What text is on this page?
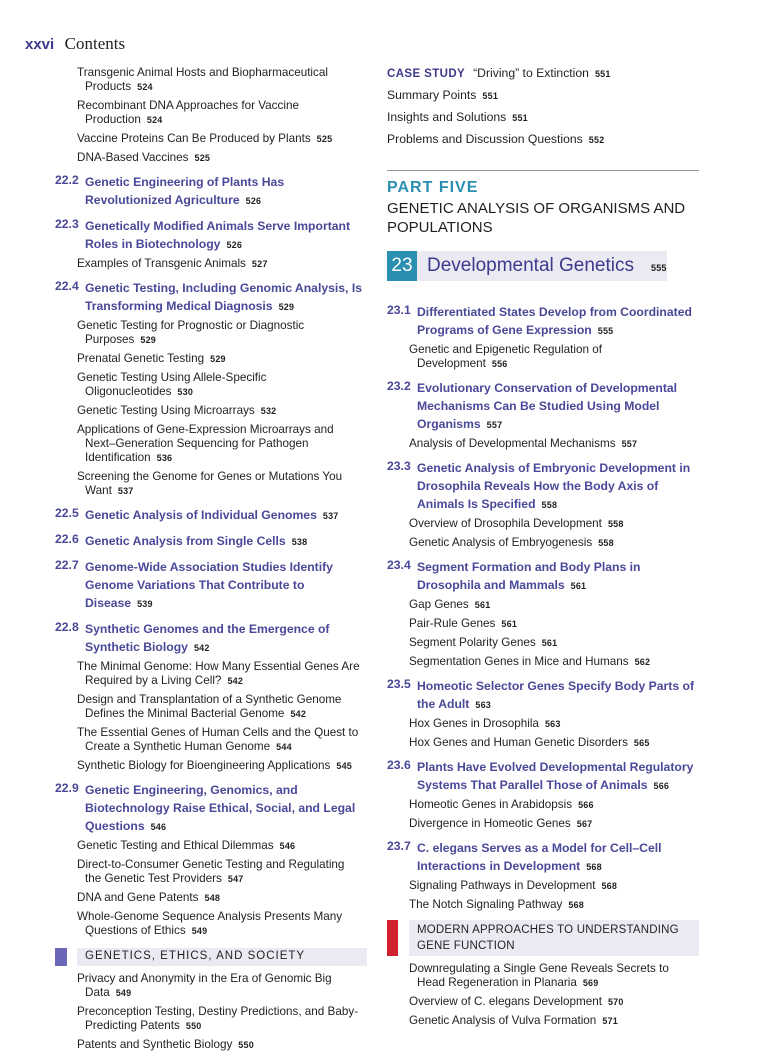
xxvi Contents
Transgenic Animal Hosts and Biopharmaceutical Products 524
Recombinant DNA Approaches for Vaccine Production 524
Vaccine Proteins Can Be Produced by Plants 525
DNA-Based Vaccines 525
22.2 Genetic Engineering of Plants Has Revolutionized Agriculture 526
22.3 Genetically Modified Animals Serve Important Roles in Biotechnology 526
Examples of Transgenic Animals 527
22.4 Genetic Testing, Including Genomic Analysis, Is Transforming Medical Diagnosis 529
Genetic Testing for Prognostic or Diagnostic Purposes 529
Prenatal Genetic Testing 529
Genetic Testing Using Allele-Specific Oligonucleotides 530
Genetic Testing Using Microarrays 532
Applications of Gene-Expression Microarrays and Next–Generation Sequencing for Pathogen Identification 536
Screening the Genome for Genes or Mutations You Want 537
22.5 Genetic Analysis of Individual Genomes 537
22.6 Genetic Analysis from Single Cells 538
22.7 Genome-Wide Association Studies Identify Genome Variations That Contribute to Disease 539
22.8 Synthetic Genomes and the Emergence of Synthetic Biology 542
The Minimal Genome: How Many Essential Genes Are Required by a Living Cell? 542
Design and Transplantation of a Synthetic Genome Defines the Minimal Bacterial Genome 542
The Essential Genes of Human Cells and the Quest to Create a Synthetic Human Genome 544
Synthetic Biology for Bioengineering Applications 545
22.9 Genetic Engineering, Genomics, and Biotechnology Raise Ethical, Social, and Legal Questions 546
Genetic Testing and Ethical Dilemmas 546
Direct-to-Consumer Genetic Testing and Regulating the Genetic Test Providers 547
DNA and Gene Patents 548
Whole-Genome Sequence Analysis Presents Many Questions of Ethics 549
GENETICS, ETHICS, AND SOCIETY
Privacy and Anonymity in the Era of Genomic Big Data 549
Preconception Testing, Destiny Predictions, and Baby-Predicting Patents 550
Patents and Synthetic Biology 550
CASE STUDY “Driving” to Extinction 551
Summary Points 551
Insights and Solutions 551
Problems and Discussion Questions 552
PART FIVE
GENETIC ANALYSIS OF ORGANISMS AND POPULATIONS
23 Developmental Genetics 555
23.1 Differentiated States Develop from Coordinated Programs of Gene Expression 555
Genetic and Epigenetic Regulation of Development 556
23.2 Evolutionary Conservation of Developmental Mechanisms Can Be Studied Using Model Organisms 557
Analysis of Developmental Mechanisms 557
23.3 Genetic Analysis of Embryonic Development in Drosophila Reveals How the Body Axis of Animals Is Specified 558
Overview of Drosophila Development 558
Genetic Analysis of Embryogenesis 558
23.4 Segment Formation and Body Plans in Drosophila and Mammals 561
Gap Genes 561
Pair-Rule Genes 561
Segment Polarity Genes 561
Segmentation Genes in Mice and Humans 562
23.5 Homeotic Selector Genes Specify Body Parts of the Adult 563
Hox Genes in Drosophila 563
Hox Genes and Human Genetic Disorders 565
23.6 Plants Have Evolved Developmental Regulatory Systems That Parallel Those of Animals 566
Homeotic Genes in Arabidopsis 566
Divergence in Homeotic Genes 567
23.7 C. elegans Serves as a Model for Cell–Cell Interactions in Development 568
Signaling Pathways in Development 568
The Notch Signaling Pathway 568
MODERN APPROACHES TO UNDERSTANDING GENE FUNCTION
Downregulating a Single Gene Reveals Secrets to Head Regeneration in Planaria 569
Overview of C. elegans Development 570
Genetic Analysis of Vulva Formation 571
